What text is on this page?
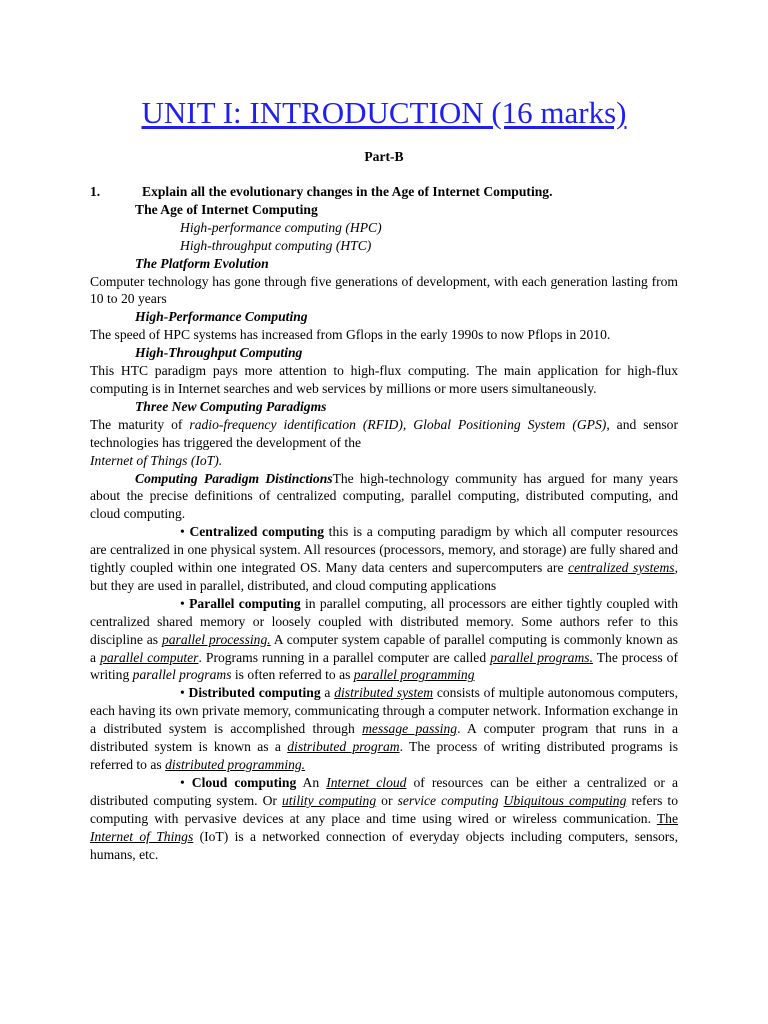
UNIT I: INTRODUCTION (16 marks)
Part-B
1.	Explain all the evolutionary changes in the Age of Internet Computing.

The Age of Internet Computing

High-performance computing (HPC)

High-throughput computing (HTC)

The Platform Evolution

Computer technology has gone through five generations of development, with each generation lasting from 10 to 20 years

High-Performance Computing

The speed of HPC systems has increased from Gflops in the early 1990s to now Pflops in 2010.

High-Throughput Computing

This HTC paradigm pays more attention to high-flux computing. The main application for high-flux computing is in Internet searches and web services by millions or more users simultaneously.

Three New Computing Paradigms

The maturity of radio-frequency identification (RFID), Global Positioning System (GPS), and sensor technologies has triggered the development of the

Internet of Things (IoT).

Computing Paradigm DistinctionsThe high-technology community has argued for many years about the precise definitions of centralized computing, parallel computing, distributed computing, and cloud computing.

• Centralized computing this is a computing paradigm by which all computer resources are centralized in one physical system. All resources (processors, memory, and storage) are fully shared and tightly coupled within one integrated OS. Many data centers and supercomputers are centralized systems, but they are used in parallel, distributed, and cloud computing applications

• Parallel computing in parallel computing, all processors are either tightly coupled with centralized shared memory or loosely coupled with distributed memory. Some authors refer to this discipline as parallel processing. A computer system capable of parallel computing is commonly known as a parallel computer. Programs running in a parallel computer are called parallel programs. The process of writing parallel programs is often referred to as parallel programming

• Distributed computing a distributed system consists of multiple autonomous computers, each having its own private memory, communicating through a computer network. Information exchange in a distributed system is accomplished through message passing. A computer program that runs in a distributed system is known as a distributed program. The process of writing distributed programs is referred to as distributed programming.

• Cloud computing An Internet cloud of resources can be either a centralized or a distributed computing system. Or utility computing or service computing Ubiquitous computing refers to computing with pervasive devices at any place and time using wired or wireless communication. The Internet of Things (IoT) is a networked connection of everyday objects including computers, sensors, humans, etc.
